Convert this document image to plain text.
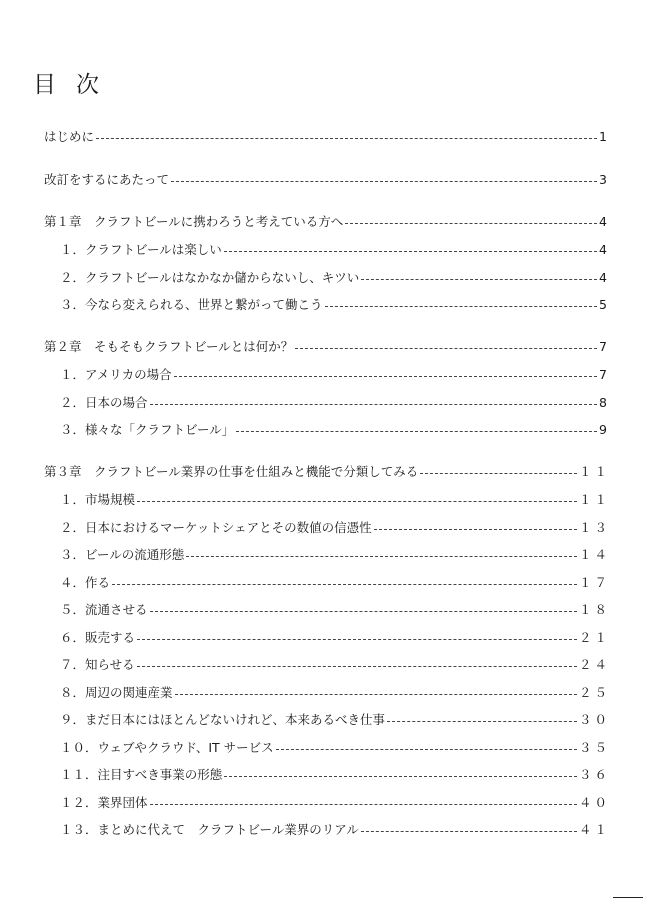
目次
はじめに	1
改訂をするにあたって	3
第１章　クラフトビールに携わろうと考えている方へ	4
１．クラフトビールは楽しい	4
２．クラフトビールはなかなか儲からないし、キツい	4
３．今なら変えられる、世界と繋がって働こう	5
第２章　そもそもクラフトビールとは何か？	7
１．アメリカの場合	7
２．日本の場合	8
３．様々な「クラフトビール」	9
第３章　クラフトビール業界の仕事を仕組みと機能で分類してみる	１１
１．市場規模	１１
２．日本におけるマーケットシェアとその数値の信憑性	１３
３．ビールの流通形態	１４
４．作る	１７
５．流通させる	１８
６．販売する	２１
７．知らせる	２４
８．周辺の関連産業	２５
９．まだ日本にはほとんどないけれど、本来あるべき仕事	３０
１０．ウェブやクラウド、IT サービス	３５
１１．注目すべき事業の形態	３６
１２．業界団体	４０
１３．まとめに代えて　クラフトビール業界のリアル	４１
